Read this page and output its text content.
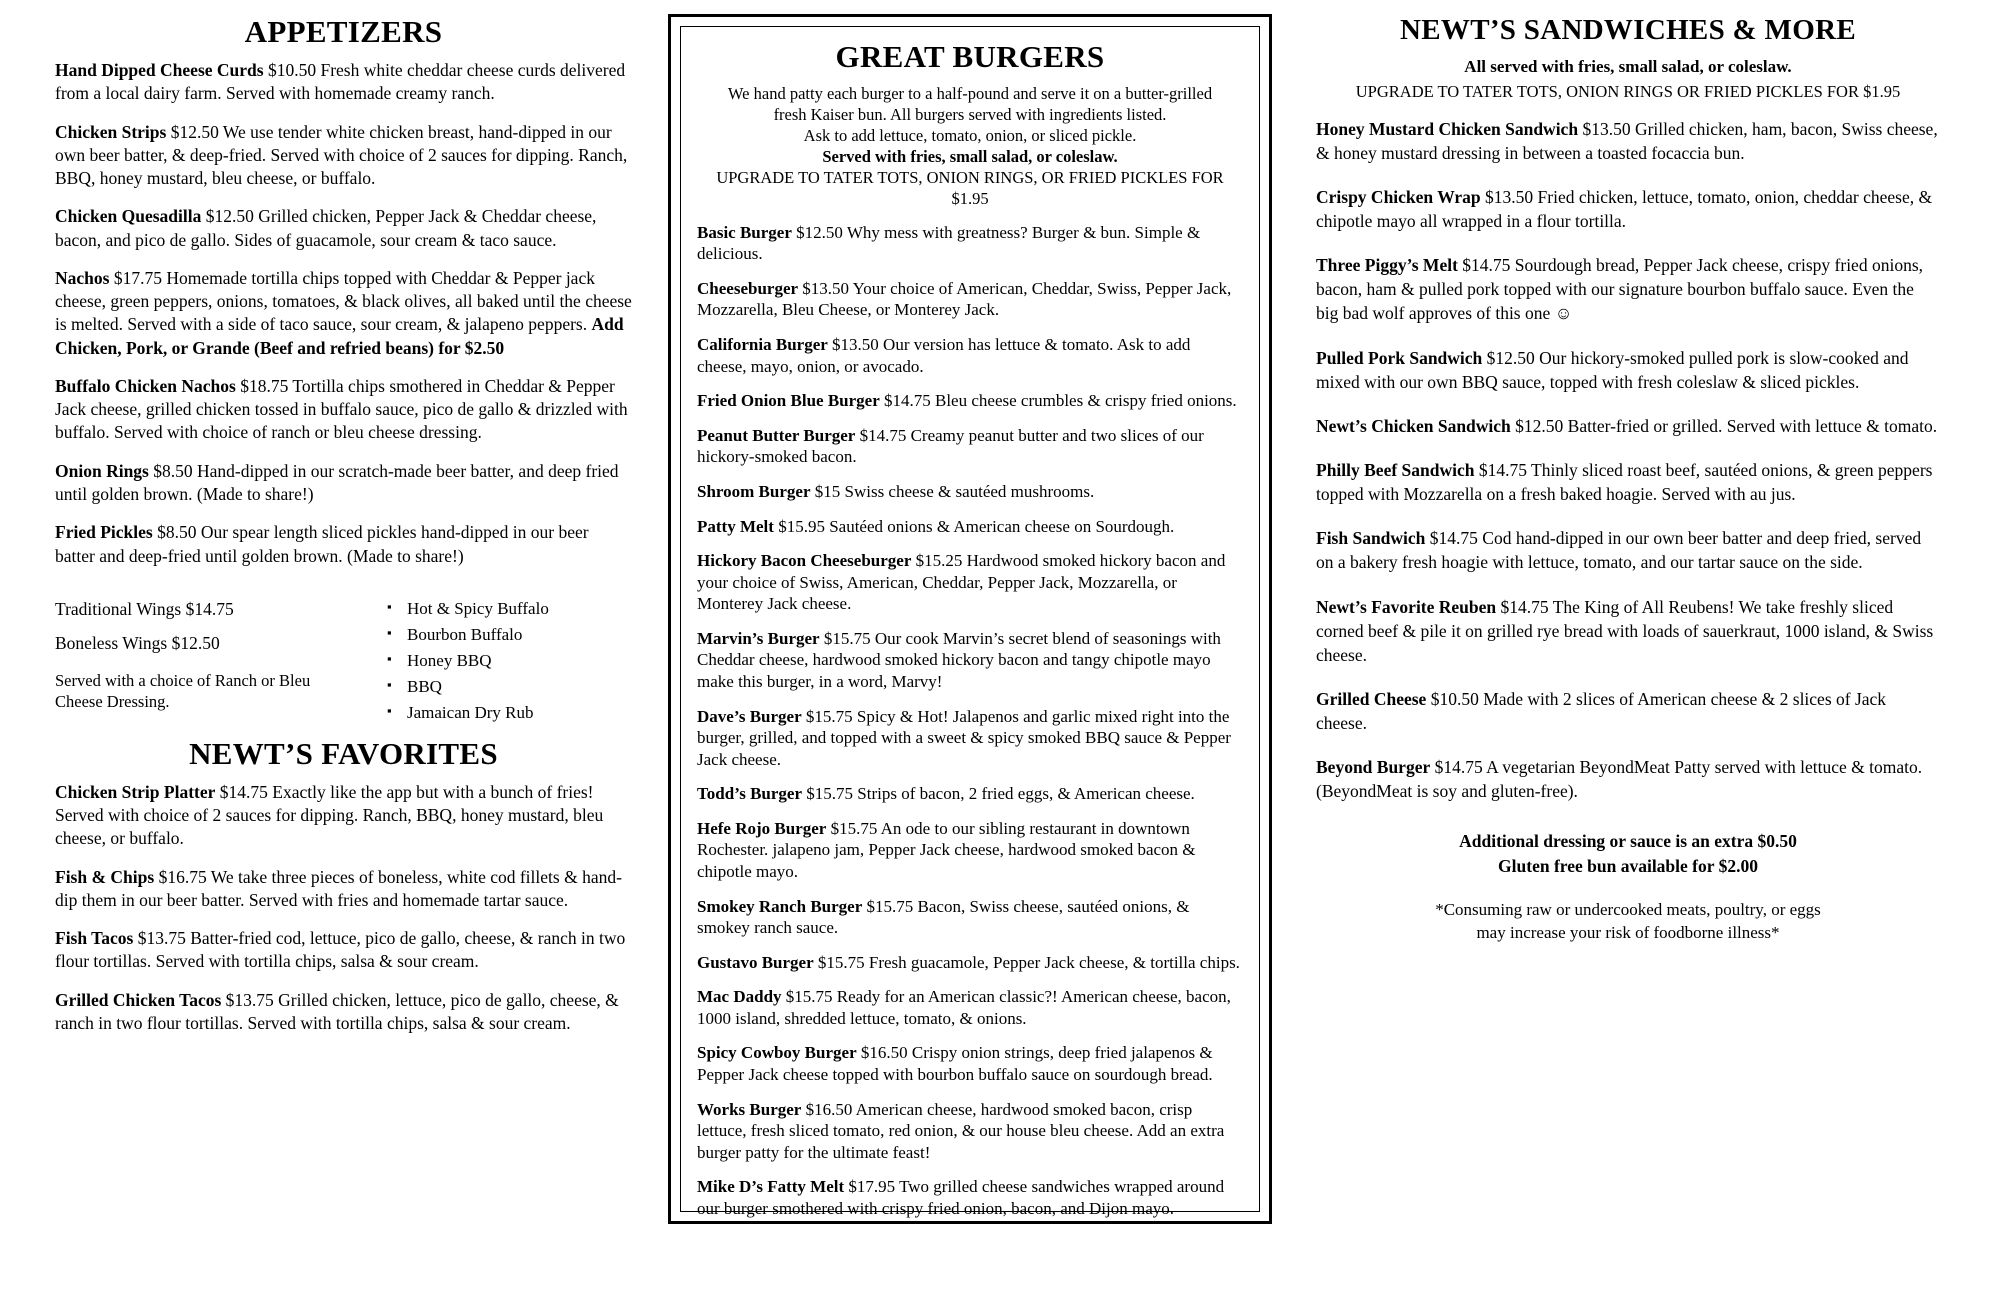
APPETIZERS
Hand Dipped Cheese Curds $10.50 Fresh white cheddar cheese curds delivered from a local dairy farm. Served with homemade creamy ranch.
Chicken Strips $12.50 We use tender white chicken breast, hand-dipped in our own beer batter, & deep-fried. Served with choice of 2 sauces for dipping. Ranch, BBQ, honey mustard, bleu cheese, or buffalo.
Chicken Quesadilla $12.50 Grilled chicken, Pepper Jack & Cheddar cheese, bacon, and pico de gallo. Sides of guacamole, sour cream & taco sauce.
Nachos $17.75 Homemade tortilla chips topped with Cheddar & Pepper jack cheese, green peppers, onions, tomatoes, & black olives, all baked until the cheese is melted. Served with a side of taco sauce, sour cream, & jalapeno peppers. Add Chicken, Pork, or Grande (Beef and refried beans) for $2.50
Buffalo Chicken Nachos $18.75 Tortilla chips smothered in Cheddar & Pepper Jack cheese, grilled chicken tossed in buffalo sauce, pico de gallo & drizzled with buffalo. Served with choice of ranch or bleu cheese dressing.
Onion Rings $8.50 Hand-dipped in our scratch-made beer batter, and deep fried until golden brown. (Made to share!)
Fried Pickles $8.50 Our spear length sliced pickles hand-dipped in our beer batter and deep-fried until golden brown. (Made to share!)
Traditional Wings $14.75
Boneless Wings $12.50
Served with a choice of Ranch or Bleu Cheese Dressing.
▪ Hot & Spicy Buffalo
▪ Bourbon Buffalo
▪ Honey BBQ
▪ BBQ
▪ Jamaican Dry Rub
NEWT’S FAVORITES
Chicken Strip Platter $14.75 Exactly like the app but with a bunch of fries! Served with choice of 2 sauces for dipping. Ranch, BBQ, honey mustard, bleu cheese, or buffalo.
Fish & Chips $16.75 We take three pieces of boneless, white cod fillets & hand-dip them in our beer batter. Served with fries and homemade tartar sauce.
Fish Tacos $13.75 Batter-fried cod, lettuce, pico de gallo, cheese, & ranch in two flour tortillas. Served with tortilla chips, salsa & sour cream.
Grilled Chicken Tacos $13.75 Grilled chicken, lettuce, pico de gallo, cheese, & ranch in two flour tortillas. Served with tortilla chips, salsa & sour cream.
GREAT BURGERS
We hand patty each burger to a half-pound and serve it on a butter-grilled
fresh Kaiser bun. All burgers served with ingredients listed.
Ask to add lettuce, tomato, onion, or sliced pickle.
Served with fries, small salad, or coleslaw.
UPGRADE TO TATER TOTS, ONION RINGS, OR FRIED PICKLES FOR $1.95
Basic Burger $12.50 Why mess with greatness? Burger & bun. Simple & delicious.
Cheeseburger $13.50 Your choice of American, Cheddar, Swiss, Pepper Jack, Mozzarella, Bleu Cheese, or Monterey Jack.
California Burger $13.50 Our version has lettuce & tomato. Ask to add cheese, mayo, onion, or avocado.
Fried Onion Blue Burger $14.75 Bleu cheese crumbles & crispy fried onions.
Peanut Butter Burger $14.75 Creamy peanut butter and two slices of our hickory-smoked bacon.
Shroom Burger $15 Swiss cheese & sautéed mushrooms.
Patty Melt $15.95 Sautéed onions & American cheese on Sourdough.
Hickory Bacon Cheeseburger $15.25 Hardwood smoked hickory bacon and your choice of Swiss, American, Cheddar, Pepper Jack, Mozzarella, or Monterey Jack cheese.
Marvin’s Burger $15.75 Our cook Marvin’s secret blend of seasonings with Cheddar cheese, hardwood smoked hickory bacon and tangy chipotle mayo make this burger, in a word, Marvy!
Dave’s Burger $15.75 Spicy & Hot! Jalapenos and garlic mixed right into the burger, grilled, and topped with a sweet & spicy smoked BBQ sauce & Pepper Jack cheese.
Todd’s Burger $15.75 Strips of bacon, 2 fried eggs, & American cheese.
Hefe Rojo Burger $15.75 An ode to our sibling restaurant in downtown Rochester. jalapeno jam, Pepper Jack cheese, hardwood smoked bacon & chipotle mayo.
Smokey Ranch Burger $15.75 Bacon, Swiss cheese, sautéed onions, & smokey ranch sauce.
Gustavo Burger $15.75 Fresh guacamole, Pepper Jack cheese, & tortilla chips.
Mac Daddy $15.75 Ready for an American classic?! American cheese, bacon, 1000 island, shredded lettuce, tomato, & onions.
Spicy Cowboy Burger $16.50 Crispy onion strings, deep fried jalapenos & Pepper Jack cheese topped with bourbon buffalo sauce on sourdough bread.
Works Burger $16.50 American cheese, hardwood smoked bacon, crisp lettuce, fresh sliced tomato, red onion, & our house bleu cheese. Add an extra burger patty for the ultimate feast!
Mike D’s Fatty Melt $17.95 Two grilled cheese sandwiches wrapped around our burger smothered with crispy fried onion, bacon, and Dijon mayo.
NEWT’S SANDWICHES & MORE
All served with fries, small salad, or coleslaw.
UPGRADE TO TATER TOTS, ONION RINGS OR FRIED PICKLES FOR $1.95
Honey Mustard Chicken Sandwich $13.50 Grilled chicken, ham, bacon, Swiss cheese, & honey mustard dressing in between a toasted focaccia bun.
Crispy Chicken Wrap $13.50 Fried chicken, lettuce, tomato, onion, cheddar cheese, & chipotle mayo all wrapped in a flour tortilla.
Three Piggy’s Melt $14.75 Sourdough bread, Pepper Jack cheese, crispy fried onions, bacon, ham & pulled pork topped with our signature bourbon buffalo sauce. Even the big bad wolf approves of this one ☺
Pulled Pork Sandwich $12.50 Our hickory-smoked pulled pork is slow-cooked and mixed with our own BBQ sauce, topped with fresh coleslaw & sliced pickles.
Newt’s Chicken Sandwich $12.50 Batter-fried or grilled. Served with lettuce & tomato.
Philly Beef Sandwich $14.75 Thinly sliced roast beef, sautéed onions, & green peppers topped with Mozzarella on a fresh baked hoagie. Served with au jus.
Fish Sandwich $14.75 Cod hand-dipped in our own beer batter and deep fried, served on a bakery fresh hoagie with lettuce, tomato, and our tartar sauce on the side.
Newt’s Favorite Reuben $14.75 The King of All Reubens! We take freshly sliced corned beef & pile it on grilled rye bread with loads of sauerkraut, 1000 island, & Swiss cheese.
Grilled Cheese $10.50 Made with 2 slices of American cheese & 2 slices of Jack cheese.
Beyond Burger $14.75 A vegetarian BeyondMeat Patty served with lettuce & tomato. (BeyondMeat is soy and gluten-free).
Additional dressing or sauce is an extra $0.50
Gluten free bun available for $2.00
*Consuming raw or undercooked meats, poultry, or eggs
may increase your risk of foodborne illness*
